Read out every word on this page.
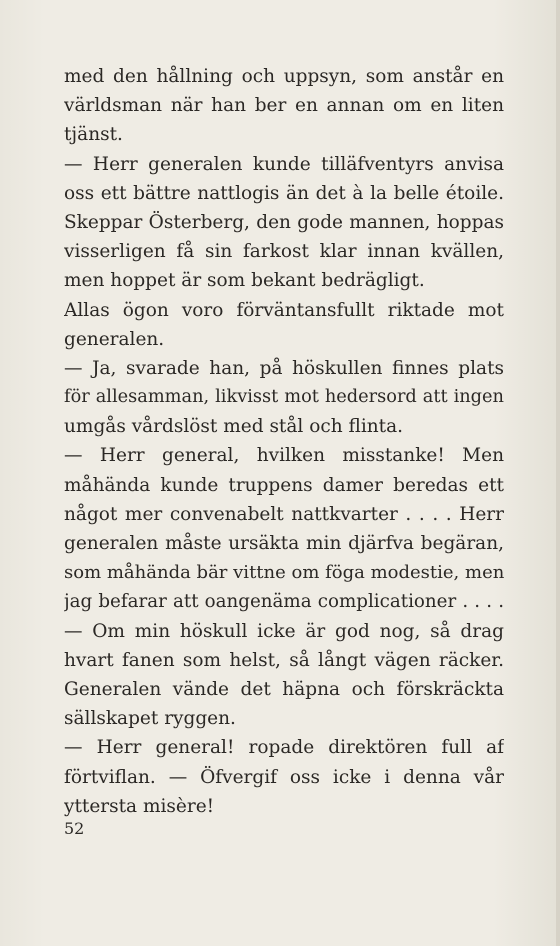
med den hållning och uppsyn, som anstår en
världsman när han ber en annan om en liten
tjänst.
— Herr generalen kunde tilläfventyrs anvisa
oss ett bättre nattlogis än det à la belle étoile.
Skeppar Österberg, den gode mannen, hoppas
visserligen få sin farkost klar innan kvällen,
men hoppet är som bekant bedrägligt.
Allas ögon voro förväntansfullt riktade mot
generalen.
— Ja, svarade han, på höskullen finnes plats
för allesamman, likvisst mot hedersord att ingen
umgås vårdslöst med stål och flinta.
— Herr general, hvilken misstanke! Men
måhända kunde truppens damer beredas ett
något mer convenabelt nattkvarter . . . . Herr
generalen måste ursäkta min djärfva begäran,
som måhända bär vittne om föga modestie, men
jag befarar att oangenäma complicationer . . . .
— Om min höskull icke är god nog, så drag
hvart fanen som helst, så långt vägen räcker.
Generalen vände det häpna och förskräckta
sällskapet ryggen.
— Herr general! ropade direktören full af
förtviflan. — Öfvergif oss icke i denna vår
yttersta misère!
52
